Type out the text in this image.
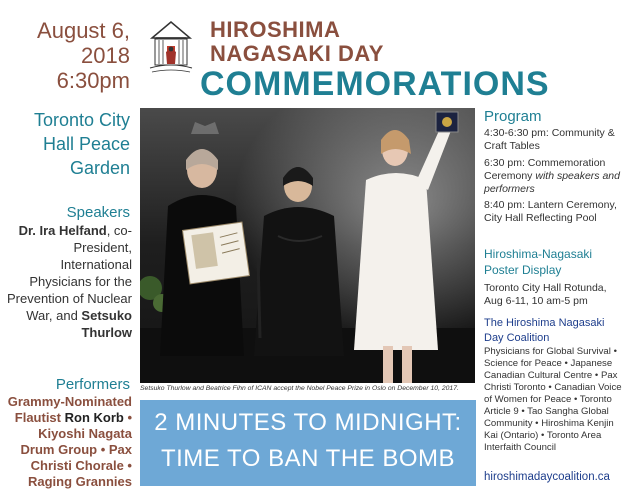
August 6,
2018
6:30pm
HIROSHIMA
NAGASAKI DAY
COMMEMORATIONS
Toronto City
Hall Peace
Garden
Speakers
Dr. Ira Helfand, co-President, International Physicians for the Prevention of Nuclear War, and Setsuko Thurlow
Performers
Grammy-Nominated Flautist Ron Korb • Kiyoshi Nagata Drum Group • Pax Christi Chorale • Raging Grannies
Setsuko Thurlow and Beatrice Fihn of ICAN accept the Nobel Peace Prize in Oslo on December 10, 2017.
2 MINUTES TO MIDNIGHT:
TIME TO BAN THE BOMB
Program
4:30-6:30 pm: Community & Craft Tables
6:30 pm: Commemoration Ceremony with speakers and performers
8:40 pm: Lantern Ceremony, City Hall Reflecting Pool
Hiroshima-Nagasaki Poster Display
Toronto City Hall Rotunda, Aug 6-11, 10 am-5 pm
The Hiroshima Nagasaki Day Coalition
Physicians for Global Survival • Science for Peace • Japanese Canadian Cultural Centre • Pax Christi Toronto • Canadian Voice of Women for Peace • Toronto Article 9 • Tao Sangha Global Community • Hiroshima Kenjin Kai (Ontario) • Toronto Area Interfaith Council
hiroshimadaycoalition.ca
